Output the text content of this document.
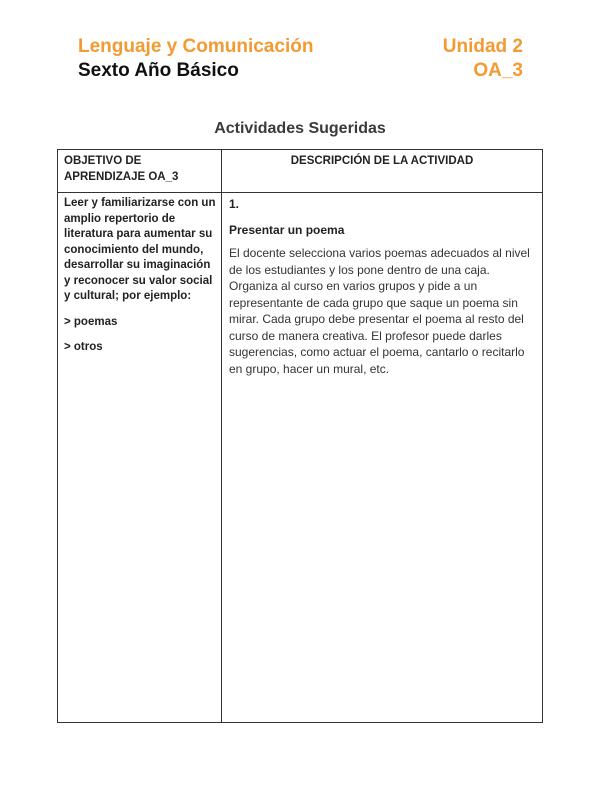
Lenguaje y Comunicación
Sexto Año Básico
Unidad 2
OA_3
Actividades Sugeridas
OBJETIVO DE APRENDIZAJE OA_3
DESCRIPCIÓN DE LA ACTIVIDAD
Leer y familiarizarse con un amplio repertorio de literatura para aumentar su conocimiento del mundo, desarrollar su imaginación y reconocer su valor social y cultural; por ejemplo:
> poemas
> otros
1.
Presentar un poema
El docente selecciona varios poemas adecuados al nivel de los estudiantes y los pone dentro de una caja. Organiza al curso en varios grupos y pide a un representante de cada grupo que saque un poema sin mirar. Cada grupo debe presentar el poema al resto del curso de manera creativa. El profesor puede darles sugerencias, como actuar el poema, cantarlo o recitarlo en grupo, hacer un mural, etc.
